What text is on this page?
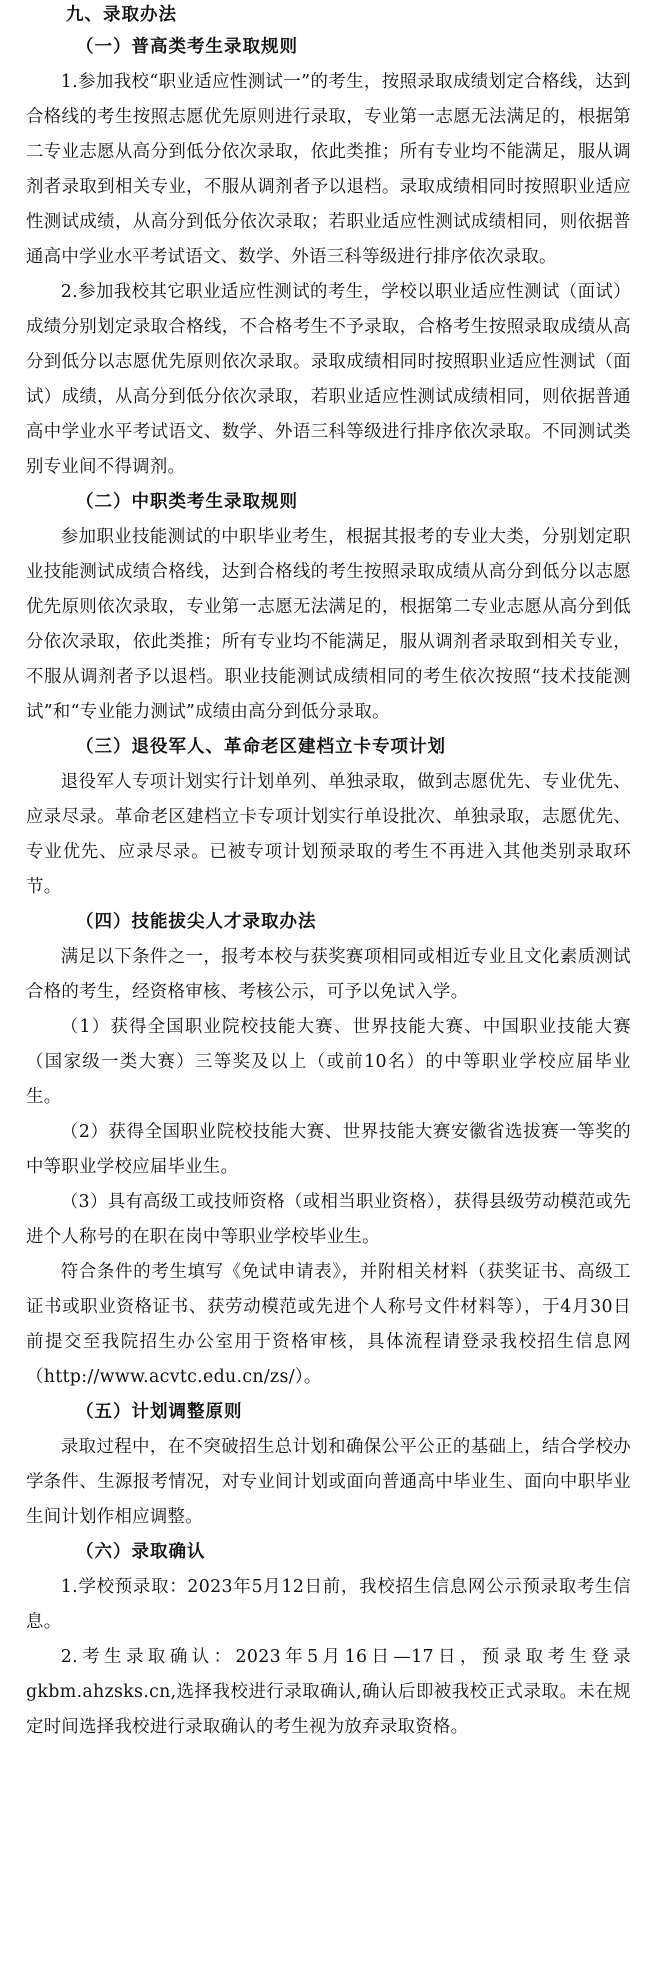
九、录取办法
（一）普高类考生录取规则
1.参加我校“职业适应性测试一”的考生，按照录取成绩划定合格线，达到合格线的考生按照志愿优先原则进行录取，专业第一志愿无法满足的，根据第二专业志愿从高分到低分依次录取，依此类推；所有专业均不能满足，服从调剂者录取到相关专业，不服从调剂者予以退档。录取成绩相同时按照职业适应性测试成绩，从高分到低分依次录取；若职业适应性测试成绩相同，则依据普通高中学业水平考试语文、数学、外语三科等级进行排序依次录取。
2.参加我校其它职业适应性测试的考生，学校以职业适应性测试（面试）成绩分别划定录取合格线，不合格考生不予录取，合格考生按照录取成绩从高分到低分以志愿优先原则依次录取。录取成绩相同时按照职业适应性测试（面试）成绩，从高分到低分依次录取，若职业适应性测试成绩相同，则依据普通高中学业水平考试语文、数学、外语三科等级进行排序依次录取。不同测试类别专业间不得调剂。
（二）中职类考生录取规则
参加职业技能测试的中职毕业考生，根据其报考的专业大类，分别划定职业技能测试成绩合格线，达到合格线的考生按照录取成绩从高分到低分以志愿优先原则依次录取，专业第一志愿无法满足的，根据第二专业志愿从高分到低分依次录取，依此类推；所有专业均不能满足，服从调剂者录取到相关专业，不服从调剂者予以退档。职业技能测试成绩相同的考生依次按照“技术技能测试”和“专业能力测试”成绩由高分到低分录取。
（三）退役军人、革命老区建档立卡专项计划
退役军人专项计划实行计划单列、单独录取，做到志愿优先、专业优先、应录尽录。革命老区建档立卡专项计划实行单设批次、单独录取，志愿优先、专业优先、应录尽录。已被专项计划预录取的考生不再进入其他类别录取环节。
（四）技能拔尖人才录取办法
满足以下条件之一，报考本校与获奖赛项相同或相近专业且文化素质测试合格的考生，经资格审核、考核公示，可予以免试入学。
（1）获得全国职业院校技能大赛、世界技能大赛、中国职业技能大赛（国家级一类大赛）三等奖及以上（或前10名）的中等职业学校应届毕业生。
（2）获得全国职业院校技能大赛、世界技能大赛安徽省选拔赛一等奖的中等职业学校应届毕业生。
（3）具有高级工或技师资格（或相当职业资格），获得县级劳动模范或先进个人称号的在职在岗中等职业学校毕业生。
符合条件的考生填写《免试申请表》，并附相关材料（获奖证书、高级工证书或职业资格证书、获劳动模范或先进个人称号文件材料等），于4月30日前提交至我院招生办公室用于资格审核，具体流程请登录我校招生信息网（http://www.acvtc.edu.cn/zs/）。
（五）计划调整原则
录取过程中，在不突破招生总计划和确保公平公正的基础上，结合学校办学条件、生源报考情况，对专业间计划或面向普通高中毕业生、面向中职毕业生间计划作相应调整。
（六）录取确认
1.学校预录取：2023年5月12日前，我校招生信息网公示预录取考生信息。
2.考生录取确认：2023年5月16日—17日，预录取考生登录gkbm.ahzsks.cn,选择我校进行录取确认,确认后即被我校正式录取。未在规定时间选择我校进行录取确认的考生视为放弃录取资格。
